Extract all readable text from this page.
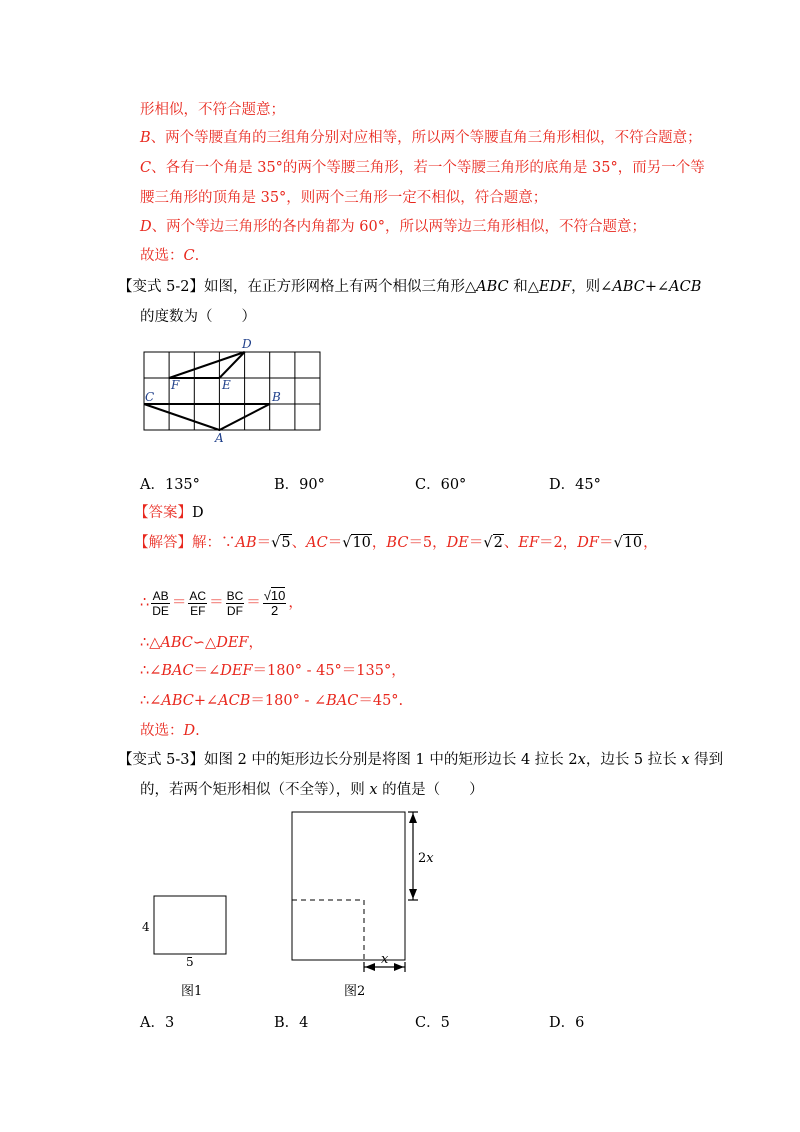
形相似，不符合题意；
B、两个等腰直角的三组角分别对应相等，所以两个等腰直角三角形相似，不符合题意；
C、各有一个角是 35°的两个等腰三角形，若一个等腰三角形的底角是 35°，而另一个等
腰三角形的顶角是 35°，则两个三角形一定不相似，符合题意；
D、两个等边三角形的各内角都为 60°，所以两等边三角形相似，不符合题意；
故选：C.
【变式 5-2】如图，在正方形网格上有两个相似三角形△ABC 和△EDF，则∠ABC+∠ACB
的度数为（　　）
D
F	E
C	B
A
A．135°	B．90°	C．60°	D．45°
【答案】D
【解答】解：∵AB＝√5、AC＝√10，BC＝5，DE＝√2、EF＝2，DF＝√10，
∴ $\frac{AB}{DE} = \frac{AC}{EF} = \frac{BC}{DF} = \frac{√10}{2}$ ，
∴△ABC∽△DEF，
∴∠BAC＝∠DEF＝180° ‐ 45°＝135°，
∴∠ABC+∠ACB＝180° ‐ ∠BAC＝45°.
故选：D.
【变式 5-3】如图 2 中的矩形边长分别是将图 1 中的矩形边长 4 拉长 2x，边长 5 拉长 x 得到
的，若两个矩形相似（不全等），则 x 的值是（　　）
4
5
图1
2x
x
图2
A．3	B．4	C．5	D．6
